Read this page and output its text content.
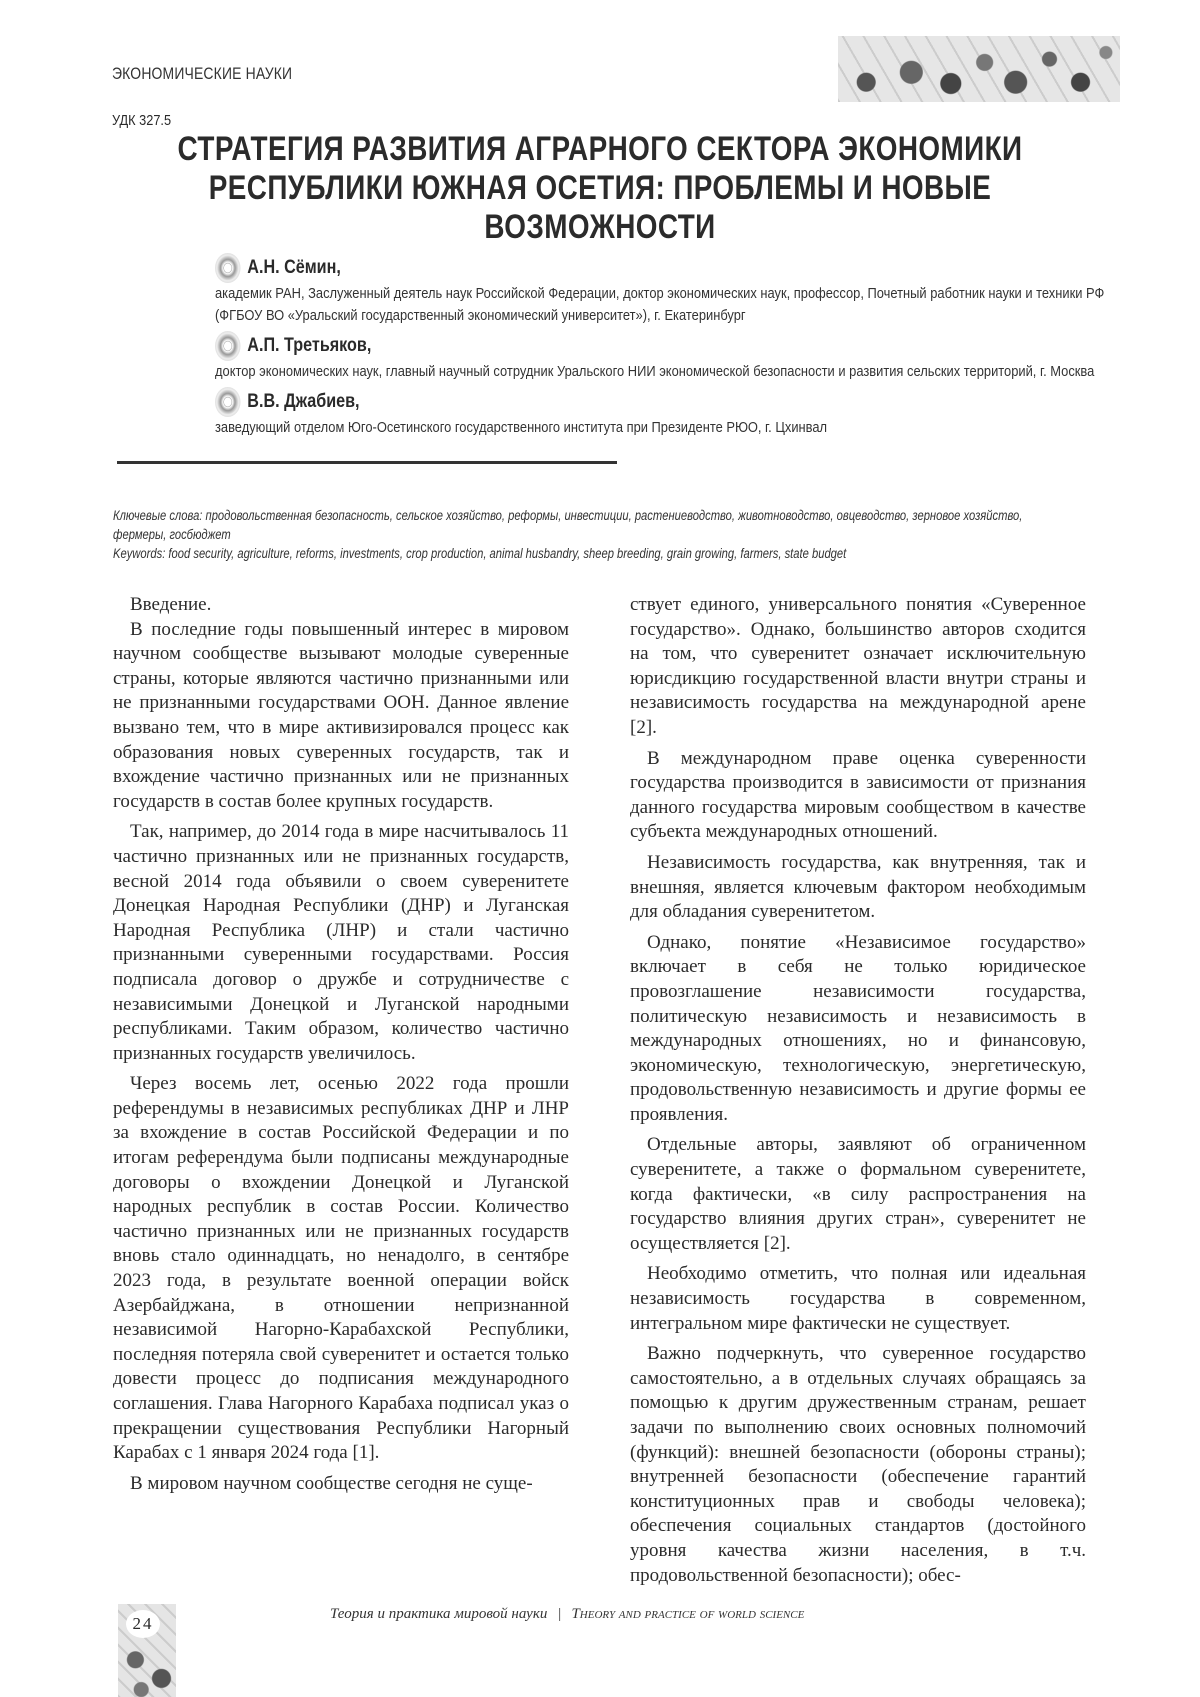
ЭКОНОМИЧЕСКИЕ НАУКИ
УДК 327.5
СТРАТЕГИЯ РАЗВИТИЯ АГРАРНОГО СЕКТОРА ЭКОНОМИКИ РЕСПУБЛИКИ ЮЖНАЯ ОСЕТИЯ: ПРОБЛЕМЫ И НОВЫЕ ВОЗМОЖНОСТИ
А.Н. Сёмин,
академик РАН, Заслуженный деятель наук Российской Федерации, доктор экономических наук, профессор, Почетный работник науки и техники РФ (ФГБОУ ВО «Уральский государственный экономический университет»), г. Екатеринбург
А.П. Третьяков,
доктор экономических наук, главный научный сотрудник Уральского НИИ экономической безопасности и развития сельских территорий, г. Москва
В.В. Джабиев,
заведующий отделом Юго-Осетинского государственного института при Президенте РЮО, г. Цхинвал
Ключевые слова: продовольственная безопасность, сельское хозяйство, реформы, инвестиции, растениеводство, животноводство, овцеводство, зерновое хозяйство, фермеры, госбюджет
Keywords: food security, agriculture, reforms, investments, crop production, animal husbandry, sheep breeding, grain growing, farmers, state budget

Введение.

В последние годы повышенный интерес в мировом научном сообществе вызывают молодые суверенные страны, которые являются частично признанными или не признанными государствами ООН. Данное явление вызвано тем, что в мире активизировался процесс как образования новых суверенных государств, так и вхождение частично признанных или не признанных государств в состав более крупных государств.

Так, например, до 2014 года в мире насчитывалось 11 частично признанных или не признанных государств, весной 2014 года объявили о своем суверенитете Донецкая Народная Республики (ДНР) и Луганская Народная Республика (ЛНР) и стали частично признанными суверенными государствами. Россия подписала договор о дружбе и сотрудничестве с независимыми Донецкой и Луганской народными республиками. Таким образом, количество частично признанных государств увеличилось.

Через восемь лет, осенью 2022 года прошли референдумы в независимых республиках ДНР и ЛНР за вхождение в состав Российской Федерации и по итогам референдума были подписаны международные договоры о вхождении Донецкой и Луганской народных республик в состав России. Количество частично признанных или не признанных государств вновь стало одиннадцать, но ненадолго, в сентябре 2023 года, в результате военной операции войск Азербайджана, в отношении непризнанной независимой Нагорно-Карабахской Республики, последняя потеряла свой суверенитет и остается только довести процесс до подписания международного соглашения. Глава Нагорного Карабаха подписал указ о прекращении существования Республики Нагорный Карабах с 1 января 2024 года [1].

В мировом научном сообществе сегодня не суще-

ствует единого, универсального понятия «Суверенное государство». Однако, большинство авторов сходится на том, что суверенитет означает исключительную юрисдикцию государственной власти внутри страны и независимость государства на международной арене [2].

В международном праве оценка суверенности государства производится в зависимости от признания данного государства мировым сообществом в качестве субъекта международных отношений.

Независимость государства, как внутренняя, так и внешняя, является ключевым фактором необходимым для обладания суверенитетом.

Однако, понятие «Независимое государство» включает в себя не только юридическое провозглашение независимости государства, политическую независимость и независимость в международных отношениях, но и финансовую, экономическую, технологическую, энергетическую, продовольственную независимость и другие формы ее проявления.

Отдельные авторы, заявляют об ограниченном суверенитете, а также о формальном суверенитете, когда фактически, «в силу распространения на государство влияния других стран», суверенитет не осуществляется [2].

Необходимо отметить, что полная или идеальная независимость государства в современном, интегральном мире фактически не существует.

Важно подчеркнуть, что суверенное государство самостоятельно, а в отдельных случаях обращаясь за помощью к другим дружественным странам, решает задачи по выполнению своих основных полномочий (функций): внешней безопасности (обороны страны); внутренней безопасности (обеспечение гарантий конституционных прав и свободы человека); обеспечения социальных стандартов (достойного уровня качества жизни населения, в т.ч. продовольственной безопасности); обес-

24	Теория и практика мировой науки | Theory and practice of world science
